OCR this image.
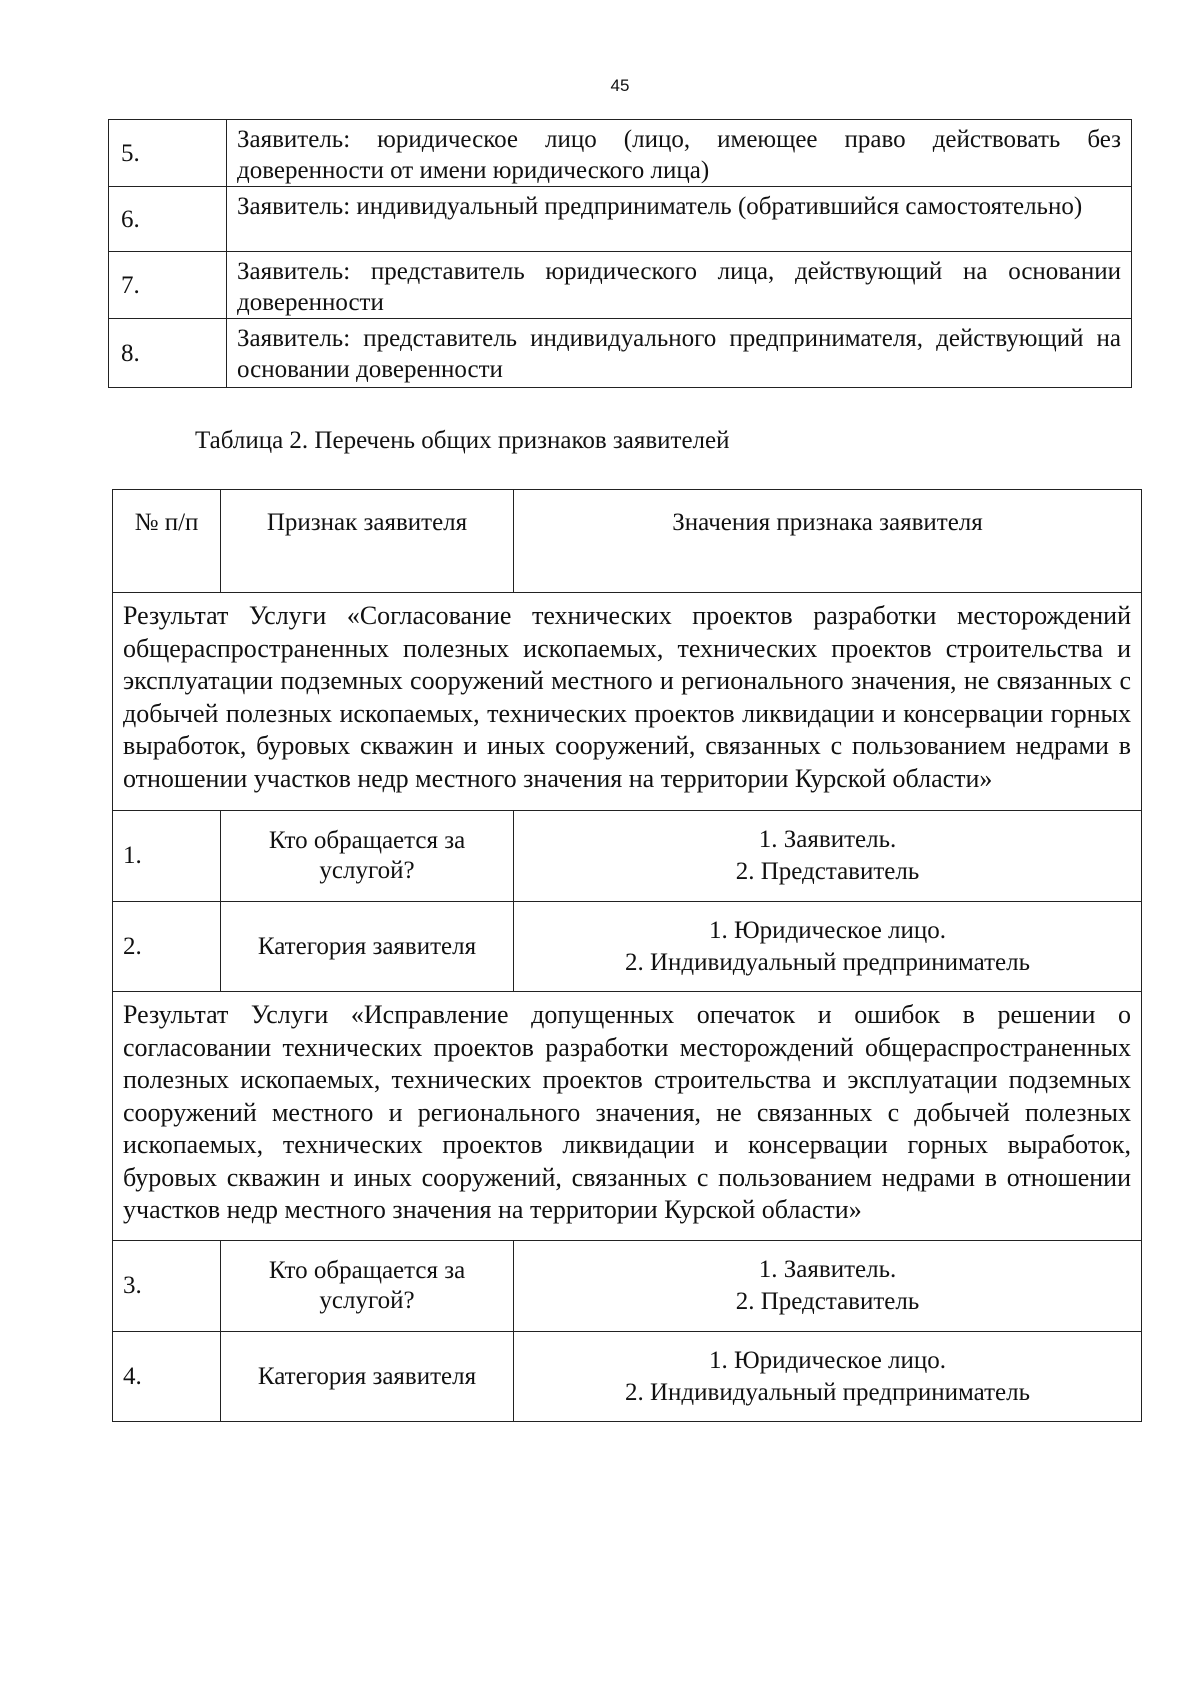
45
5.	Заявитель: юридическое лицо (лицо, имеющее право действовать без доверенности от имени юридического лица)
6.	Заявитель: индивидуальный предприниматель (обратившийся самостоятельно)
7.	Заявитель: представитель юридического лица, действующий на основании доверенности
8.	Заявитель: представитель индивидуального предпринимателя, действующий на основании доверенности
Таблица 2. Перечень общих признаков заявителей
№ п/п	Признак заявителя	Значения признака заявителя
Результат Услуги «Согласование технических проектов разработки месторождений общераспространенных полезных ископаемых, технических проектов строительства и эксплуатации подземных сооружений местного и регионального значения, не связанных с добычей полезных ископаемых, технических проектов ликвидации и консервации горных выработок, буровых скважин и иных сооружений, связанных с пользованием недрами в отношении участков недр местного значения на территории Курской области»		
1.	Кто обращается за услугой?	1. Заявитель.
2. Представитель

2.	Категория заявителя	1. Юридическое лицо.
2. Индивидуальный предприниматель

Результат Услуги «Исправление допущенных опечаток и ошибок в решении о согласовании технических проектов разработки месторождений общераспространенных полезных ископаемых, технических проектов строительства и эксплуатации подземных сооружений местного и регионального значения, не связанных с добычей полезных ископаемых, технических проектов ликвидации и консервации горных выработок, буровых скважин и иных сооружений, связанных с пользованием недрами в отношении участков недр местного значения на территории Курской области»		
3.	Кто обращается за услугой?	1. Заявитель.
2. Представитель

4.	Категория заявителя	1. Юридическое лицо.
2. Индивидуальный предприниматель
